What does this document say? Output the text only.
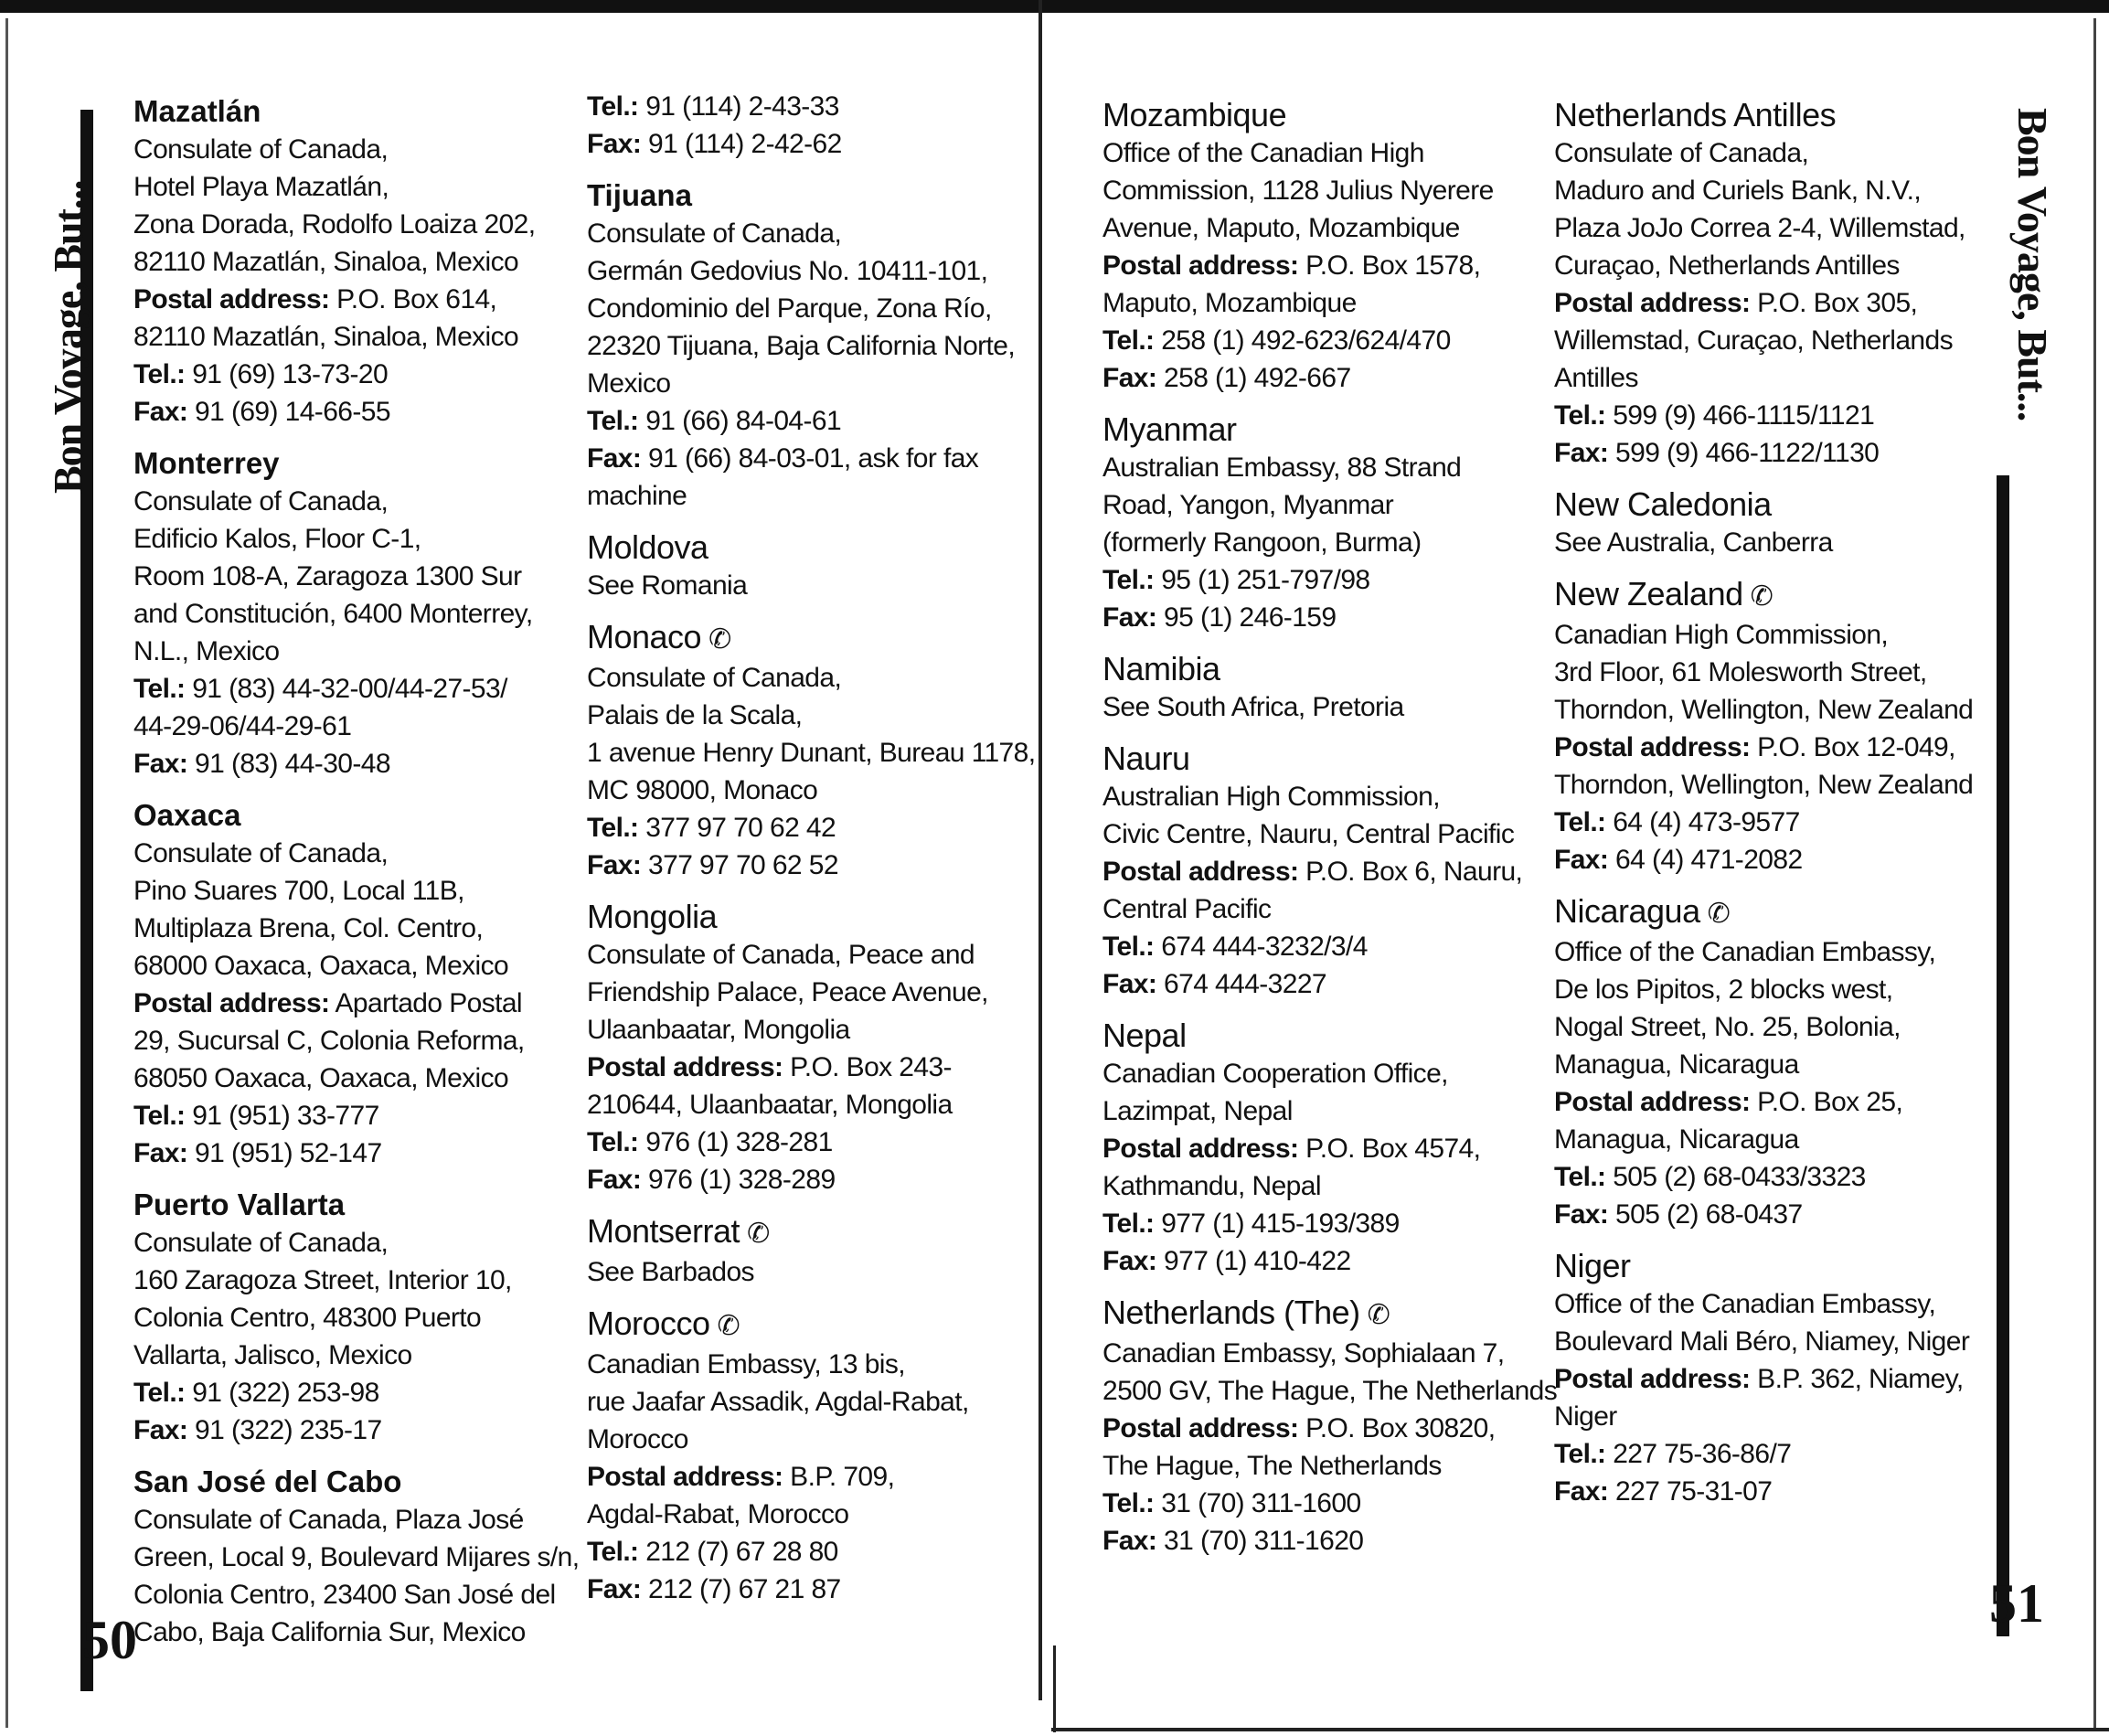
Bon Voyage, But...	Bon Voyage, But...
50
51
Mazatlán
Consulate of Canada,
Hotel Playa Mazatlán,
Zona Dorada, Rodolfo Loaiza 202,
82110 Mazatlán, Sinaloa, Mexico
Postal address: P.O. Box 614,
82110 Mazatlán, Sinaloa, Mexico
Tel.: 91 (69) 13-73-20
Fax: 91 (69) 14-66-55
Monterrey
Consulate of Canada,
Edificio Kalos, Floor C-1,
Room 108-A, Zaragoza 1300 Sur
and Constitución, 6400 Monterrey,
N.L., Mexico
Tel.: 91 (83) 44-32-00/44-27-53/
44-29-06/44-29-61
Fax: 91 (83) 44-30-48
Oaxaca
Consulate of Canada,
Pino Suares 700, Local 11B,
Multiplaza Brena, Col. Centro,
68000 Oaxaca, Oaxaca, Mexico
Postal address: Apartado Postal
29, Sucursal C, Colonia Reforma,
68050 Oaxaca, Oaxaca, Mexico
Tel.: 91 (951) 33-777
Fax: 91 (951) 52-147
Puerto Vallarta
Consulate of Canada,
160 Zaragoza Street, Interior 10,
Colonia Centro, 48300 Puerto
Vallarta, Jalisco, Mexico
Tel.: 91 (322) 253-98
Fax: 91 (322) 235-17
San José del Cabo
Consulate of Canada, Plaza José
Green, Local 9, Boulevard Mijares s/n,
Colonia Centro, 23400 San José del
Cabo, Baja California Sur, Mexico
Tel.: 91 (114) 2-43-33
Fax: 91 (114) 2-42-62
Tijuana
Consulate of Canada,
Germán Gedovius No. 10411-101,
Condominio del Parque, Zona Río,
22320 Tijuana, Baja California Norte,
Mexico
Tel.: 91 (66) 84-04-61
Fax: 91 (66) 84-03-01, ask for fax
machine
Moldova
See Romania
Monaco ✆
Consulate of Canada,
Palais de la Scala,
1 avenue Henry Dunant, Bureau 1178,
MC 98000, Monaco
Tel.: 377 97 70 62 42
Fax: 377 97 70 62 52
Mongolia
Consulate of Canada, Peace and
Friendship Palace, Peace Avenue,
Ulaanbaatar, Mongolia
Postal address: P.O. Box 243-
210644, Ulaanbaatar, Mongolia
Tel.: 976 (1) 328-281
Fax: 976 (1) 328-289
Montserrat ✆
See Barbados
Morocco ✆
Canadian Embassy, 13 bis,
rue Jaafar Assadik, Agdal-Rabat,
Morocco
Postal address: B.P. 709,
Agdal-Rabat, Morocco
Tel.: 212 (7) 67 28 80
Fax: 212 (7) 67 21 87
Mozambique
Office of the Canadian High
Commission, 1128 Julius Nyerere
Avenue, Maputo, Mozambique
Postal address: P.O. Box 1578,
Maputo, Mozambique
Tel.: 258 (1) 492-623/624/470
Fax: 258 (1) 492-667
Myanmar
Australian Embassy, 88 Strand
Road, Yangon, Myanmar
(formerly Rangoon, Burma)
Tel.: 95 (1) 251-797/98
Fax: 95 (1) 246-159
Namibia
See South Africa, Pretoria
Nauru
Australian High Commission,
Civic Centre, Nauru, Central Pacific
Postal address: P.O. Box 6, Nauru,
Central Pacific
Tel.: 674 444-3232/3/4
Fax: 674 444-3227
Nepal
Canadian Cooperation Office,
Lazimpat, Nepal
Postal address: P.O. Box 4574,
Kathmandu, Nepal
Tel.: 977 (1) 415-193/389
Fax: 977 (1) 410-422
Netherlands (The) ✆
Canadian Embassy, Sophialaan 7,
2500 GV, The Hague, The Netherlands
Postal address: P.O. Box 30820,
The Hague, The Netherlands
Tel.: 31 (70) 311-1600
Fax: 31 (70) 311-1620
Netherlands Antilles
Consulate of Canada,
Maduro and Curiels Bank, N.V.,
Plaza JoJo Correa 2-4, Willemstad,
Curaçao, Netherlands Antilles
Postal address: P.O. Box 305,
Willemstad, Curaçao, Netherlands
Antilles
Tel.: 599 (9) 466-1115/1121
Fax: 599 (9) 466-1122/1130
New Caledonia
See Australia, Canberra
New Zealand ✆
Canadian High Commission,
3rd Floor, 61 Molesworth Street,
Thorndon, Wellington, New Zealand
Postal address: P.O. Box 12-049,
Thorndon, Wellington, New Zealand
Tel.: 64 (4) 473-9577
Fax: 64 (4) 471-2082
Nicaragua ✆
Office of the Canadian Embassy,
De los Pipitos, 2 blocks west,
Nogal Street, No. 25, Bolonia,
Managua, Nicaragua
Postal address: P.O. Box 25,
Managua, Nicaragua
Tel.: 505 (2) 68-0433/3323
Fax: 505 (2) 68-0437
Niger
Office of the Canadian Embassy,
Boulevard Mali Béro, Niamey, Niger
Postal address: B.P. 362, Niamey,
Niger
Tel.: 227 75-36-86/7
Fax: 227 75-31-07
